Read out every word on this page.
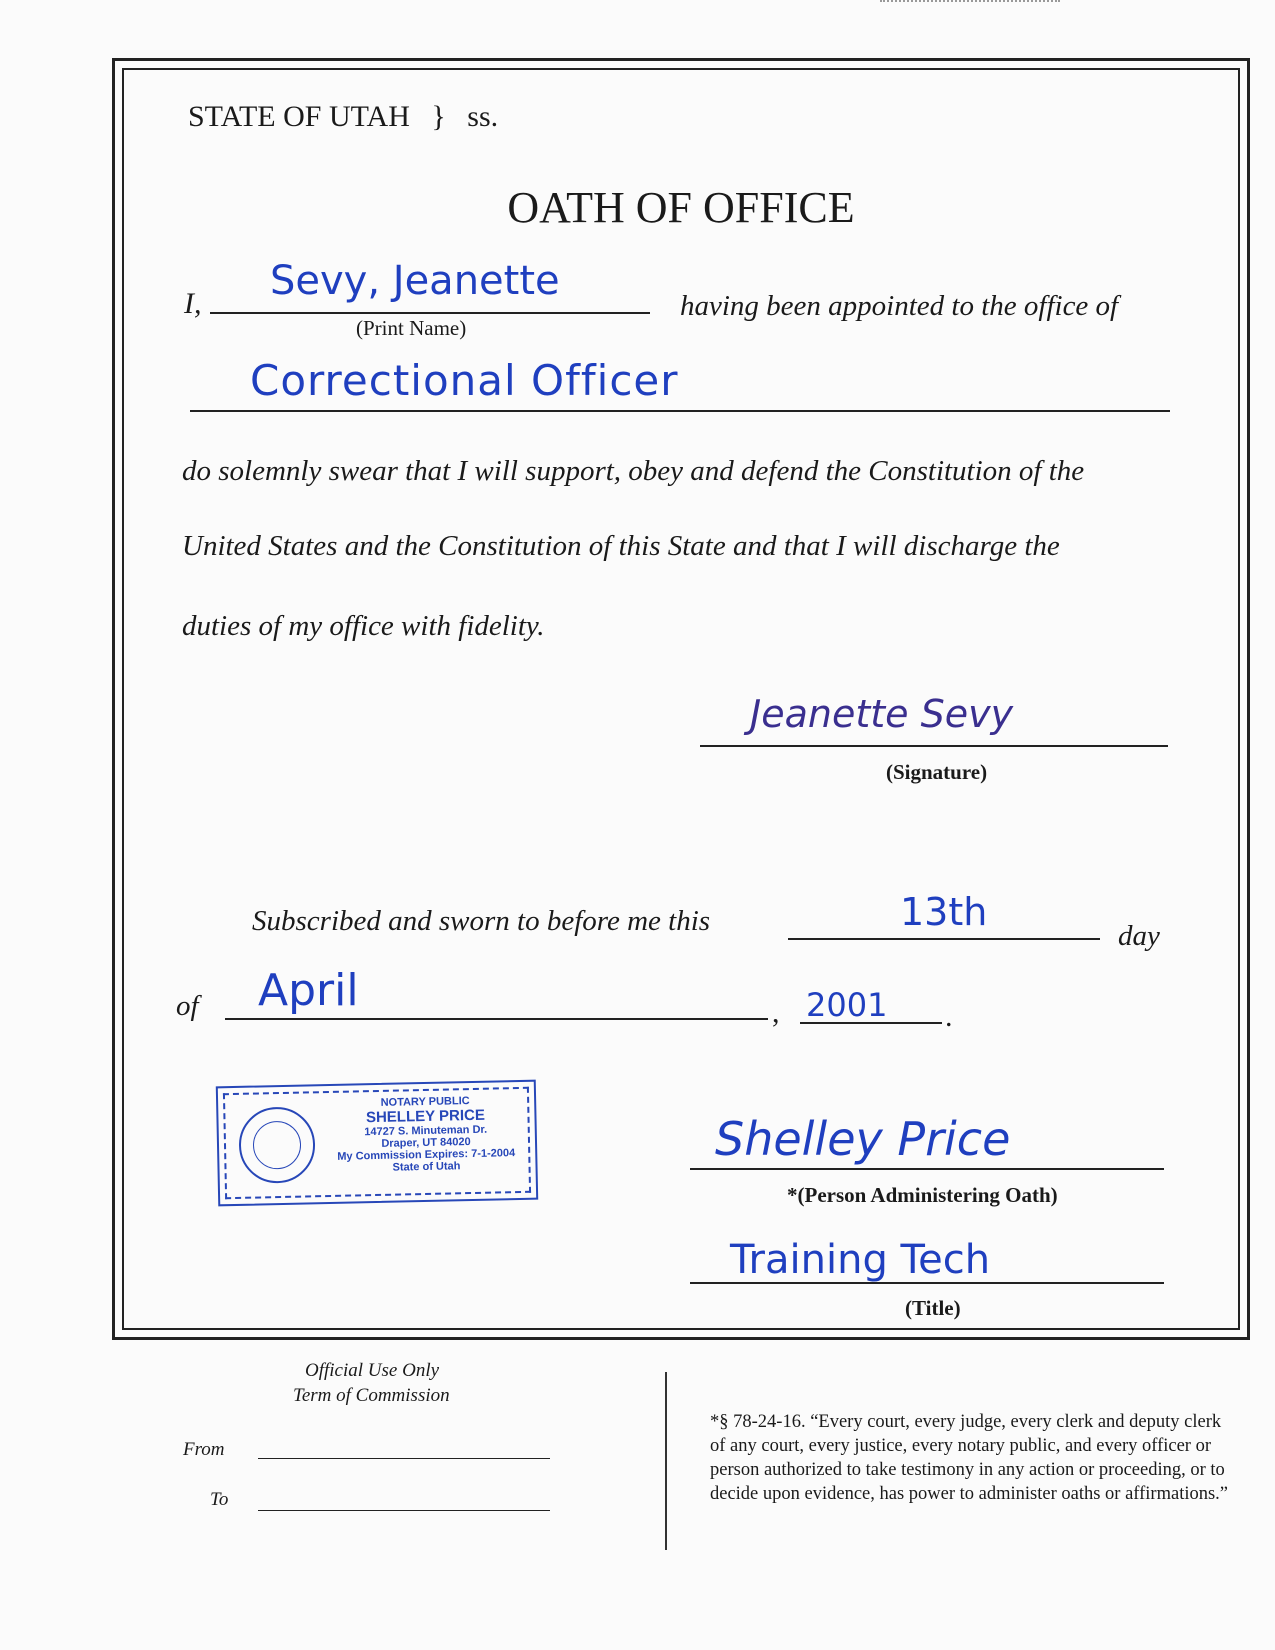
STATE OF UTAH } ss.
OATH OF OFFICE
I, Sevy, Jeanette
(Print Name)
having been appointed to the office of
Correctional Officer
do solemnly swear that I will support, obey and defend the Constitution of the
United States and the Constitution of this State and that I will discharge the
duties of my office with fidelity.
Jeanette Sevy
(Signature)
Subscribed and sworn to before me this	13th
day
of April	, 2001 .
NOTARY PUBLIC
SHELLEY PRICE
14727 S. Minuteman Dr.
Draper, UT 84020
My Commission Expires: 7-1-2004
State of Utah
Shelley Price
*(Person Administering Oath)
Training Tech
(Title)
Official Use Only
Term of Commission
From
To
*§ 78-24-16. “Every court, every judge, every clerk and deputy clerk of any court, every justice, every notary public, and every officer or person authorized to take testimony in any action or proceeding, or to decide upon evidence, has power to administer oaths or affirmations.”
